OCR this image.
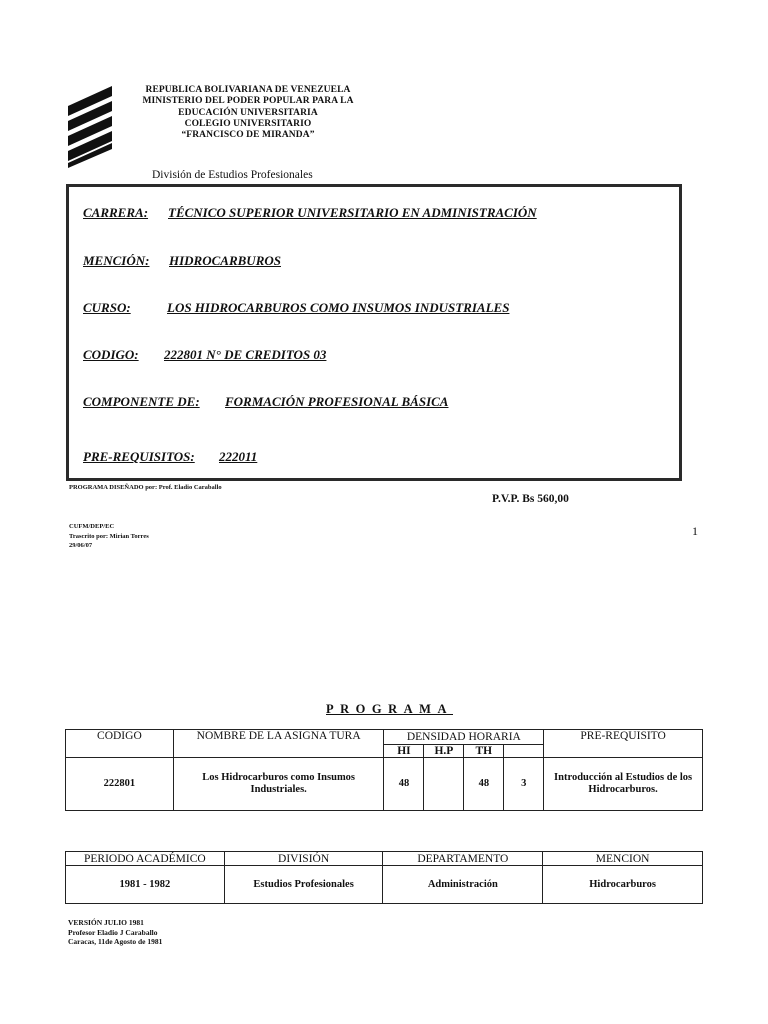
REPUBLICA BOLIVARIANA DE VENEZUELA
MINISTERIO DEL PODER POPULAR PARA LA
EDUCACIÓN UNIVERSITARIA
COLEGIO UNIVERSITARIO
“FRANCISCO DE MIRANDA”
División de Estudios Profesionales
CARRERA: TÉCNICO SUPERIOR UNIVERSITARIO EN ADMINISTRACIÓN
MENCIÓN: HIDROCARBUROS
CURSO:	LOS HIDROCARBUROS COMO INSUMOS INDUSTRIALES
CODIGO: 222801 N° DE CREDITOS 03
COMPONENTE DE: FORMACIÓN PROFESIONAL BÁSICA
PRE-REQUISITOS: 222011
PROGRAMA DISEÑADO por: Prof. Eladio Caraballo
P.V.P. Bs 560,00
CUFM/DEP/EC
Trascrito por: Mirian Torres
29/06/07
1
PROGRAMA
CODIGO	NOMBRE DE LA ASIGNA TURA	DENSIDAD HORARIA				PRE-REQUISITO
		HI	H.P	TH		
222801	Los Hidrocarburos como Insumos Industriales.	48		48	3	Introducción al Estudios de los Hidrocarburos.
PERIODO ACADÉMICO	DIVISIÓN	DEPARTAMENTO	MENCION
1981 - 1982	Estudios Profesionales	Administración	Hidrocarburos
VERSIÓN JULIO 1981
Profesor Eladio J Caraballo
Caracas, 11de Agosto de 1981
